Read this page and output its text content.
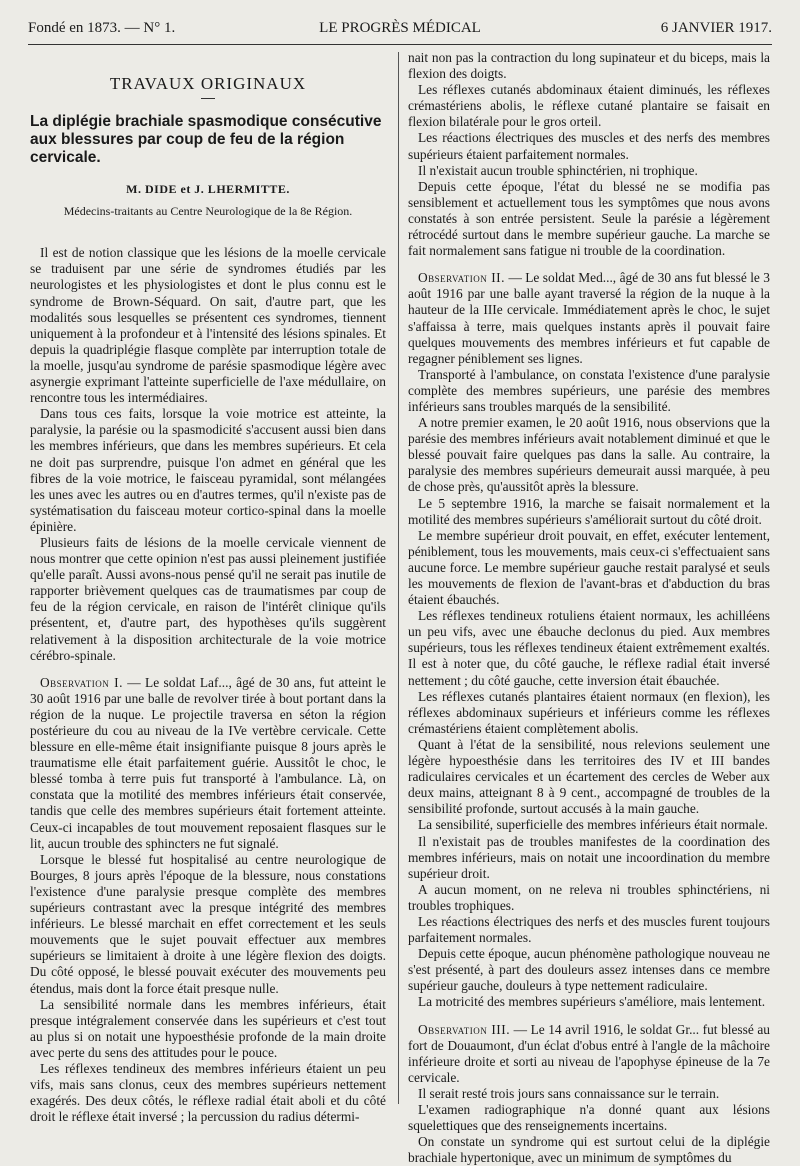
Fondé en 1873. — N° 1.	LE PROGRÈS MÉDICAL	6 JANVIER 1917.
TRAVAUX ORIGINAUX
La diplégie brachiale spasmodique consécutive aux blessures par coup de feu de la région cervicale.
M. DIDE et J. LHERMITTE.
Médecins-traitants au Centre Neurologique de la 8e Région.

Il est de notion classique que les lésions de la moelle cervicale se traduisent par une série de syndromes étudiés par les neurologistes et les physiologistes et dont le plus connu est le syndrome de Brown-Séquard. On sait, d'autre part, que les modalités sous lesquelles se présentent ces syndromes, tiennent uniquement à la profondeur et à l'intensité des lésions spinales. Et depuis la quadriplégie flasque complète par interruption totale de la moelle, jusqu'au syndrome de parésie spasmodique légère avec asynergie exprimant l'atteinte superficielle de l'axe médullaire, on rencontre tous les intermédiaires.

Dans tous ces faits, lorsque la voie motrice est atteinte, la paralysie, la parésie ou la spasmodicité s'accusent aussi bien dans les membres inférieurs, que dans les membres supérieurs. Et cela ne doit pas surprendre, puisque l'on admet en général que les fibres de la voie motrice, le faisceau pyramidal, sont mélangées les unes avec les autres ou en d'autres termes, qu'il n'existe pas de systématisation du faisceau moteur cortico-spinal dans la moelle épinière.

Plusieurs faits de lésions de la moelle cervicale viennent de nous montrer que cette opinion n'est pas aussi pleinement justifiée qu'elle paraît. Aussi avons-nous pensé qu'il ne serait pas inutile de rapporter brièvement quelques cas de traumatismes par coup de feu de la région cervicale, en raison de l'intérêt clinique qu'ils présentent, et, d'autre part, des hypothèses qu'ils suggèrent relativement à la disposition architecturale de la voie motrice cérébro-spinale.

Observation I. — Le soldat Laf..., âgé de 30 ans, fut atteint le 30 août 1916 par une balle de revolver tirée à bout portant dans la région de la nuque. Le projectile traversa en séton la région postérieure du cou au niveau de la IVe vertèbre cervicale. Cette blessure en elle-même était insignifiante puisque 8 jours après le traumatisme elle était parfaitement guérie. Aussitôt le choc, le blessé tomba à terre puis fut transporté à l'ambulance. Là, on constata que la motilité des membres inférieurs était conservée, tandis que celle des membres supérieurs était fortement atteinte. Ceux-ci incapables de tout mouvement reposaient flasques sur le lit, aucun trouble des sphincters ne fut signalé.

Lorsque le blessé fut hospitalisé au centre neurologique de Bourges, 8 jours après l'époque de la blessure, nous constations l'existence d'une paralysie presque complète des membres supérieurs contrastant avec la presque intégrité des membres inférieurs. Le blessé marchait en effet correctement et les seuls mouvements que le sujet pouvait effectuer aux membres supérieurs se limitaient à droite à une légère flexion des doigts. Du côté opposé, le blessé pouvait exécuter des mouvements peu étendus, mais dont la force était presque nulle.

La sensibilité normale dans les membres inférieurs, était presque intégralement conservée dans les supérieurs et c'est tout au plus si on notait une hypoesthésie profonde de la main droite avec perte du sens des attitudes pour le pouce.

Les réflexes tendineux des membres inférieurs étaient un peu vifs, mais sans clonus, ceux des membres supérieurs nettement exagérés. Des deux côtés, le réflexe radial était aboli et du côté droit le réflexe était inversé ; la percussion du radius détermi-

nait non pas la contraction du long supinateur et du biceps, mais la flexion des doigts.

Les réflexes cutanés abdominaux étaient diminués, les réflexes crémastériens abolis, le réflexe cutané plantaire se faisait en flexion bilatérale pour le gros orteil.

Les réactions électriques des muscles et des nerfs des membres supérieurs étaient parfaitement normales.

Il n'existait aucun trouble sphinctérien, ni trophique.

Depuis cette époque, l'état du blessé ne se modifia pas sensiblement et actuellement tous les symptômes que nous avons constatés à son entrée persistent. Seule la parésie a légèrement rétrocédé surtout dans le membre supérieur gauche. La marche se fait normalement sans fatigue ni trouble de la coordination.

Observation II. — Le soldat Med..., âgé de 30 ans fut blessé le 3 août 1916 par une balle ayant traversé la région de la nuque à la hauteur de la IIIe cervicale. Immédiatement après le choc, le sujet s'affaissa à terre, mais quelques instants après il pouvait faire quelques mouvements des membres inférieurs et fut capable de regagner péniblement ses lignes.

Transporté à l'ambulance, on constata l'existence d'une paralysie complète des membres supérieurs, une parésie des membres inférieurs sans troubles marqués de la sensibilité.

A notre premier examen, le 20 août 1916, nous observions que la parésie des membres inférieurs avait notablement diminué et que le blessé pouvait faire quelques pas dans la salle. Au contraire, la paralysie des membres supérieurs demeurait aussi marquée, à peu de chose près, qu'aussitôt après la blessure.

Le 5 septembre 1916, la marche se faisait normalement et la motilité des membres supérieurs s'améliorait surtout du côté droit.

Le membre supérieur droit pouvait, en effet, exécuter lentement, péniblement, tous les mouvements, mais ceux-ci s'effectuaient sans aucune force. Le membre supérieur gauche restait paralysé et seuls les mouvements de flexion de l'avant-bras et d'abduction du bras étaient ébauchés.

Les réflexes tendineux rotuliens étaient normaux, les achilléens un peu vifs, avec une ébauche declonus du pied. Aux membres supérieurs, tous les réflexes tendineux étaient extrêmement exaltés. Il est à noter que, du côté gauche, le réflexe radial était inversé nettement ; du côté gauche, cette inversion était ébauchée.

Les réflexes cutanés plantaires étaient normaux (en flexion), les réflexes abdominaux supérieurs et inférieurs comme les réflexes crémastériens étaient complètement abolis.

Quant à l'état de la sensibilité, nous relevions seulement une légère hypoesthésie dans les territoires des IV et III bandes radiculaires cervicales et un écartement des cercles de Weber aux deux mains, atteignant 8 à 9 cent., accompagné de troubles de la sensibilité profonde, surtout accusés à la main gauche.

La sensibilité, superficielle des membres inférieurs était normale.

Il n'existait pas de troubles manifestes de la coordination des membres inférieurs, mais on notait une incoordination du membre supérieur droit.

A aucun moment, on ne releva ni troubles sphinctériens, ni troubles trophiques.

Les réactions électriques des nerfs et des muscles furent toujours parfaitement normales.

Depuis cette époque, aucun phénomène pathologique nouveau ne s'est présenté, à part des douleurs assez intenses dans ce membre supérieur gauche, douleurs à type nettement radiculaire.

La motricité des membres supérieurs s'améliore, mais lentement.

Observation III. — Le 14 avril 1916, le soldat Gr... fut blessé au fort de Douaumont, d'un éclat d'obus entré à l'angle de la mâchoire inférieure droite et sorti au niveau de l'apophyse épineuse de la 7e cervicale.

Il serait resté trois jours sans connaissance sur le terrain.

L'examen radiographique n'a donné quant aux lésions squelettiques que des renseignements incertains.

On constate un syndrome qui est surtout celui de la diplégie brachiale hypertonique, avec un minimum de symptômes du
